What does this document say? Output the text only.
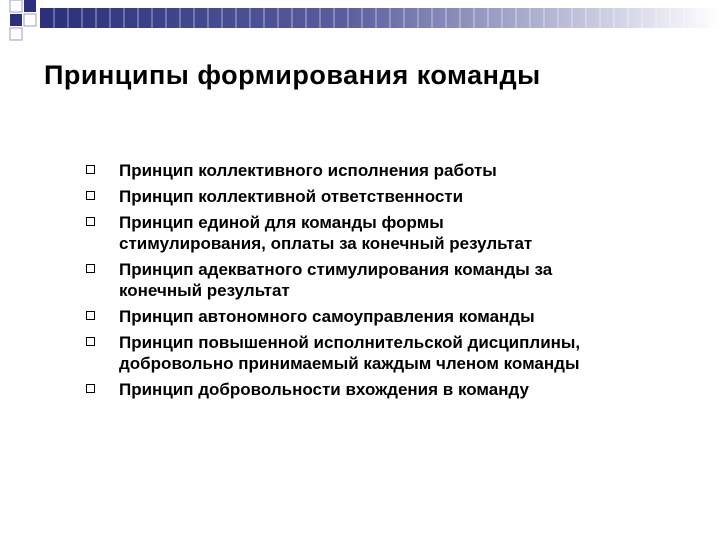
Принципы формирования команды
Принцип коллективного исполнения работы
Принцип коллективной ответственности
Принцип единой для команды формы
стимулирования, оплаты за конечный результат
Принцип адекватного стимулирования команды за
конечный результат
Принцип автономного самоуправления команды
Принцип повышенной исполнительской дисциплины,
добровольно принимаемый каждым членом команды
Принцип добровольности вхождения в команду
